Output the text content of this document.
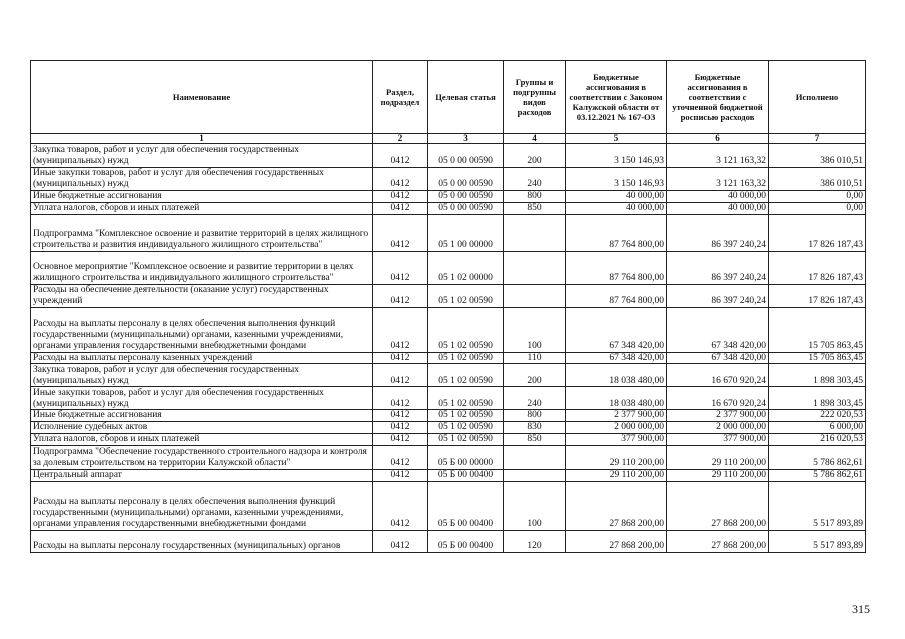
Наименование	Раздел, подраздел	Целевая статья	Группы и подгруппы видов расходов	Бюджетные ассигнования в соответствии с Законом Калужской области от 03.12.2021 № 167-ОЗ	Бюджетные ассигнования в соответствии с уточненной бюджетной росписью расходов	Исполнено
1	2	3	4	5	6	7
Закупка товаров, работ и услуг для обеспечения государственных (муниципальных) нужд	0412	05 0 00 00590	200	3 150 146,93	3 121 163,32	386 010,51
Иные закупки товаров, работ и услуг для обеспечения государственных (муниципальных) нужд	0412	05 0 00 00590	240	3 150 146,93	3 121 163,32	386 010,51
Иные бюджетные ассигнования	0412	05 0 00 00590	800	40 000,00	40 000,00	0,00
Уплата налогов, сборов и иных платежей	0412	05 0 00 00590	850	40 000,00	40 000,00	0,00
Подпрограмма "Комплексное освоение и развитие территорий в целях жилищного строительства и развития индивидуального жилищного строительства"	0412	05 1 00 00000		87 764 800,00	86 397 240,24	17 826 187,43
Основное мероприятие "Комплексное освоение и развитие территории в целях жилищного строительства и индивидуального жилищного строительства"	0412	05 1 02 00000		87 764 800,00	86 397 240,24	17 826 187,43
Расходы на обеспечение деятельности (оказание услуг) государственных учреждений	0412	05 1 02 00590		87 764 800,00	86 397 240,24	17 826 187,43
Расходы на выплаты персоналу в целях обеспечения выполнения функций государственными (муниципальными) органами, казенными учреждениями, органами управления государственными внебюджетными фондами	0412	05 1 02 00590	100	67 348 420,00	67 348 420,00	15 705 863,45
Расходы на выплаты персоналу казенных учреждений	0412	05 1 02 00590	110	67 348 420,00	67 348 420,00	15 705 863,45
Закупка товаров, работ и услуг для обеспечения государственных (муниципальных) нужд	0412	05 1 02 00590	200	18 038 480,00	16 670 920,24	1 898 303,45
Иные закупки товаров, работ и услуг для обеспечения государственных (муниципальных) нужд	0412	05 1 02 00590	240	18 038 480,00	16 670 920,24	1 898 303,45
Иные бюджетные ассигнования	0412	05 1 02 00590	800	2 377 900,00	2 377 900,00	222 020,53
Исполнение судебных актов	0412	05 1 02 00590	830	2 000 000,00	2 000 000,00	6 000,00
Уплата налогов, сборов и иных платежей	0412	05 1 02 00590	850	377 900,00	377 900,00	216 020,53
Подпрограмма "Обеспечение государственного строительного надзора и контроля за долевым строительством на территории Калужской области"	0412	05 Б 00 00000		29 110 200,00	29 110 200,00	5 786 862,61
Центральный аппарат	0412	05 Б 00 00400		29 110 200,00	29 110 200,00	5 786 862,61
Расходы на выплаты персоналу в целях обеспечения выполнения функций государственными (муниципальными) органами, казенными учреждениями, органами управления государственными внебюджетными фондами	0412	05 Б 00 00400	100	27 868 200,00	27 868 200,00	5 517 893,89
Расходы на выплаты персоналу государственных (муниципальных) органов	0412	05 Б 00 00400	120	27 868 200,00	27 868 200,00	5 517 893,89
315
